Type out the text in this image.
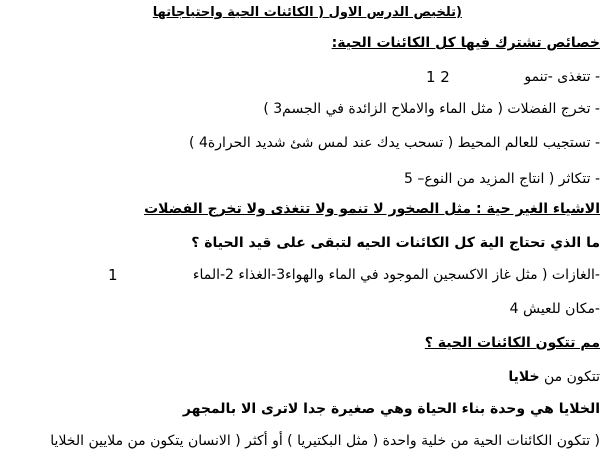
(تلخيص الدرس الاول ( الكائنات الحية واحتياجاتها
خصائص تشترك فيها كل الكائنات الحية:
1 2	- تتغذى -تنمو
- تخرج الفضلات ( مثل الماء والاملاح الزائدة في الجسم3 )
- تستجيب للعالم المحيط ( تسحب يدك عند لمس شئ شديد الحرارة4 )
- تتكاثر ( انتاج المزيد من النوع– 5
الاشياء الغير حية : مثل الصخور لا تنمو ولا تتغذى ولا تخرج الفضلات
ما الذي تحتاج الية كل الكائنات الحيه لتبقى على قيد الحياة ؟
-الغازات ( مثل غاز الاكسجين الموجود في الماء والهواء3-الغذاء 2-الماء
1
-مكان للعيش 4
مم تتكون الكائنات الحية ؟
تتكون من خلايا
الخلايا هي وحدة بناء الحياة وهي صغيرة جدا لاترى الا بالمجهر
( تتكون الكائنات الحية من خلية واحدة ( مثل البكتيريا ) أو أكثر ( الانسان يتكون من ملايين الخلايا
